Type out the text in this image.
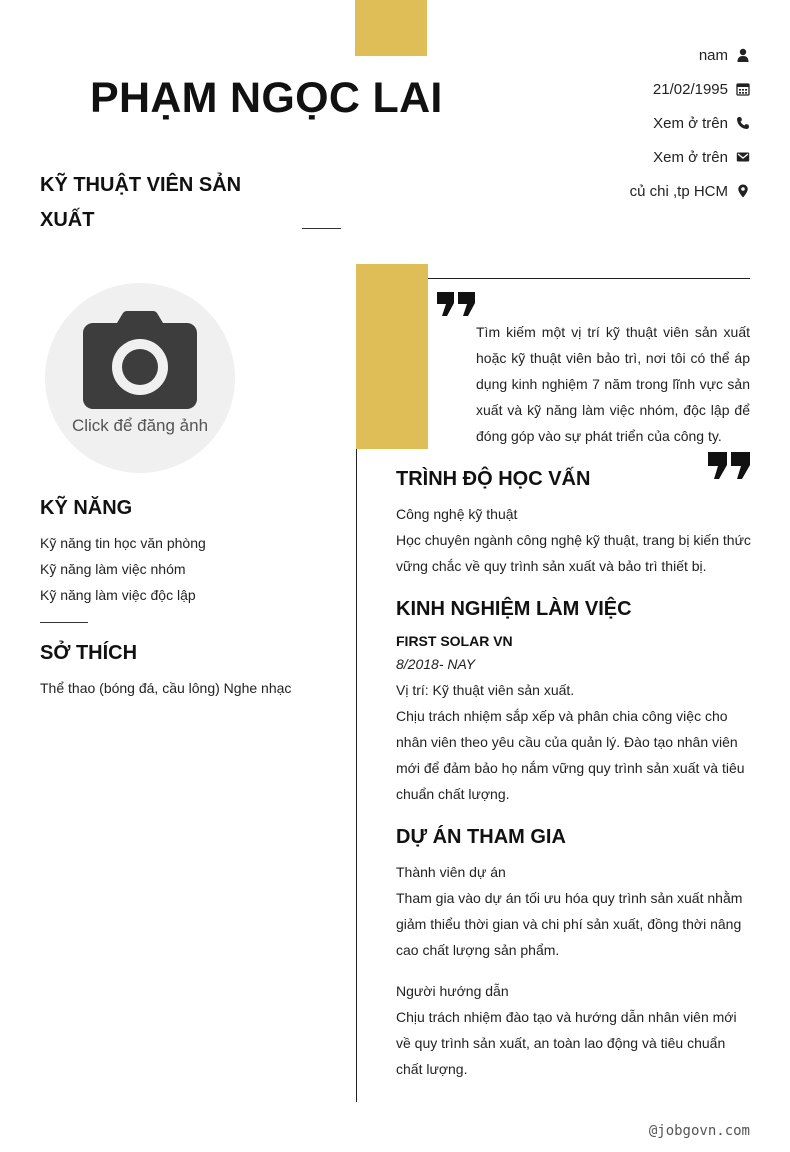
PHẠM NGỌC LAI
KỸ THUẬT VIÊN SẢN XUẤT
nam
21/02/1995
Xem ở trên
Xem ở trên
củ chi ,tp HCM
Click để đăng ảnh
KỸ NĂNG
Kỹ năng tin học văn phòng
Kỹ năng làm việc nhóm
Kỹ năng làm việc độc lập
SỞ THÍCH
Thể thao (bóng đá, cầu lông) Nghe nhạc

Tìm kiếm một vị trí kỹ thuật viên sản xuất hoặc kỹ thuật viên bảo trì, nơi tôi có thể áp dụng kinh nghiệm 7 năm trong lĩnh vực sản xuất và kỹ năng làm việc nhóm, độc lập để đóng góp vào sự phát triển của công ty.

TRÌNH ĐỘ HỌC VẤN
Công nghệ kỹ thuật
Học chuyên ngành công nghệ kỹ thuật, trang bị kiến thức vững chắc về quy trình sản xuất và bảo trì thiết bị.
KINH NGHIỆM LÀM VIỆC
FIRST SOLAR VN
8/2018- NAY
Vị trí: Kỹ thuật viên sản xuất.
Chịu trách nhiệm sắp xếp và phân chia công việc cho nhân viên theo yêu cầu của quản lý. Đào tạo nhân viên mới để đảm bảo họ nắm vững quy trình sản xuất và tiêu chuẩn chất lượng.
DỰ ÁN THAM GIA
Thành viên dự án
Tham gia vào dự án tối ưu hóa quy trình sản xuất nhằm giảm thiểu thời gian và chi phí sản xuất, đồng thời nâng cao chất lượng sản phẩm.
Người hướng dẫn
Chịu trách nhiệm đào tạo và hướng dẫn nhân viên mới về quy trình sản xuất, an toàn lao động và tiêu chuẩn chất lượng.
@jobgovn.com
